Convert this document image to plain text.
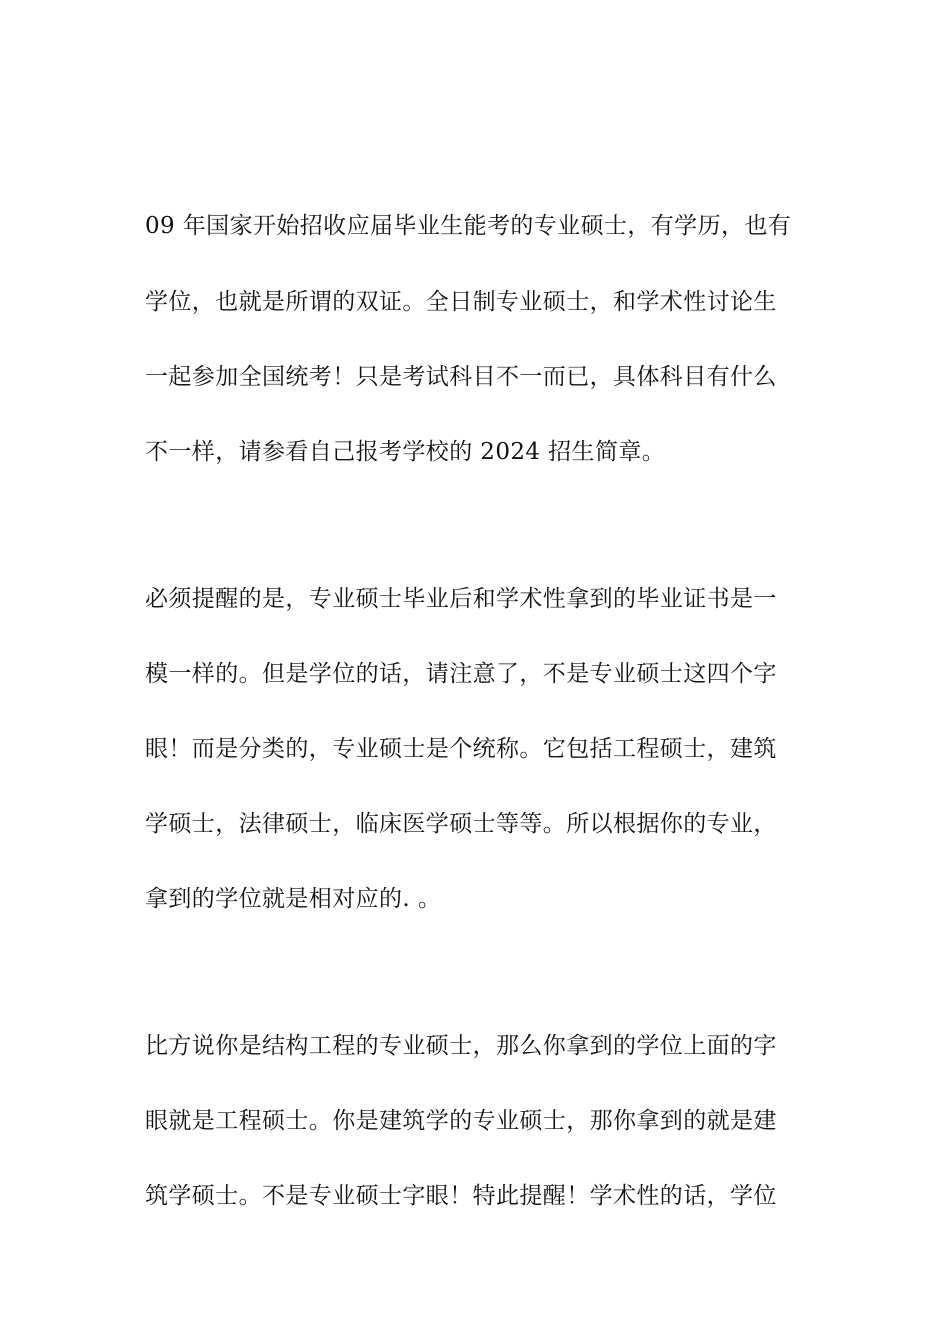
09 年国家开始招收应届毕业生能考的专业硕士，有学历，也有
学位，也就是所谓的双证。全日制专业硕士，和学术性讨论生
一起参加全国统考！只是考试科目不一而已，具体科目有什么
不一样，请参看自己报考学校的 2024 招生简章。
必须提醒的是，专业硕士毕业后和学术性拿到的毕业证书是一
模一样的。但是学位的话，请注意了，不是专业硕士这四个字
眼！而是分类的，专业硕士是个统称。它包括工程硕士，建筑
学硕士，法律硕士，临床医学硕士等等。所以根据你的专业，
拿到的学位就是相对应的. 。
比方说你是结构工程的专业硕士，那么你拿到的学位上面的字
眼就是工程硕士。你是建筑学的专业硕士，那你拿到的就是建
筑学硕士。不是专业硕士字眼！特此提醒！学术性的话，学位
